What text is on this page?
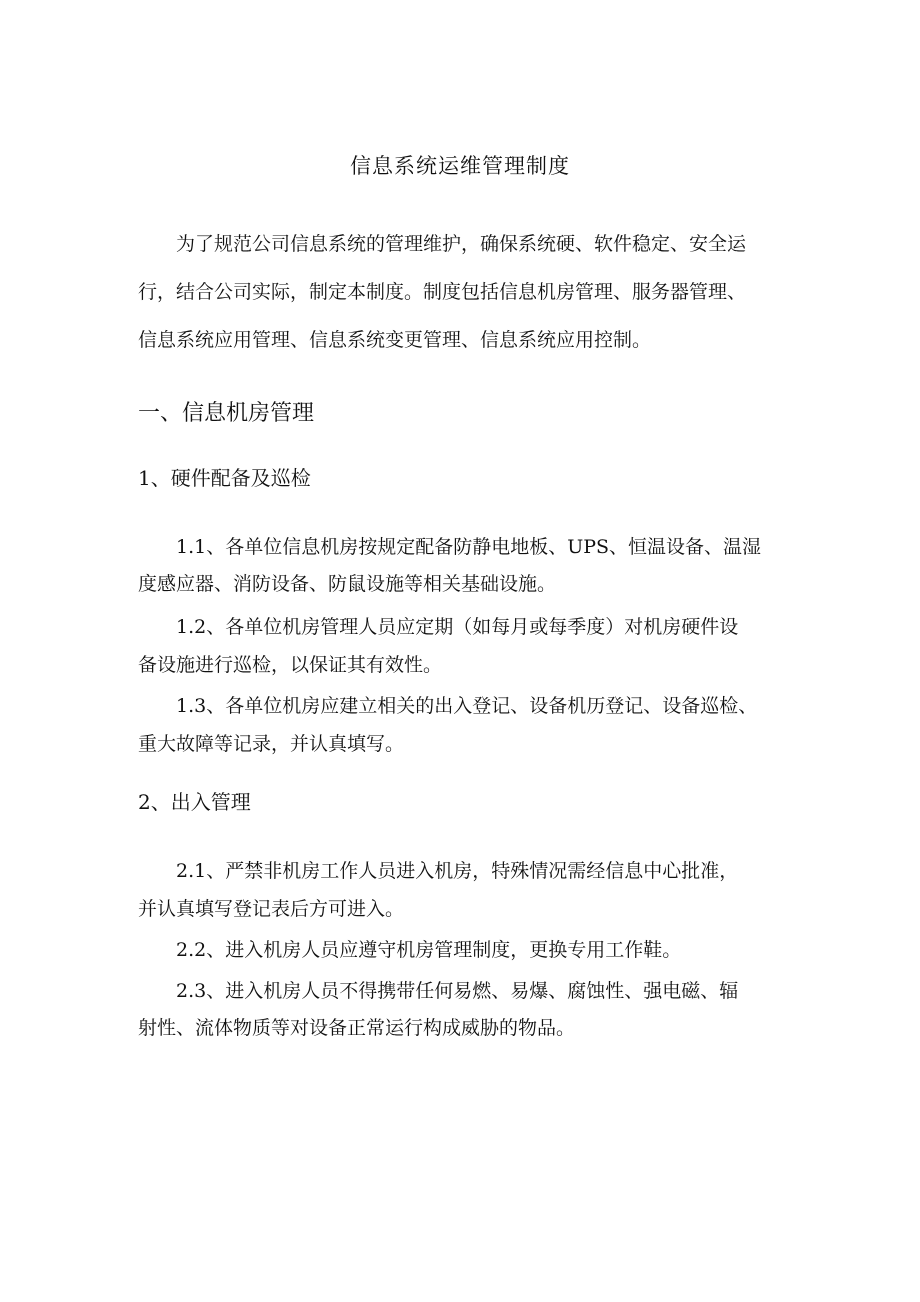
信息系统运维管理制度
为了规范公司信息系统的管理维护，确保系统硬、软件稳定、安全运
行，结合公司实际，制定本制度。制度包括信息机房管理、服务器管理、
信息系统应用管理、信息系统变更管理、信息系统应用控制。
一、信息机房管理
1、硬件配备及巡检
1.1、各单位信息机房按规定配备防静电地板、UPS、恒温设备、温湿
度感应器、消防设备、防鼠设施等相关基础设施。
1.2、各单位机房管理人员应定期（如每月或每季度）对机房硬件设
备设施进行巡检，以保证其有效性。
1.3、各单位机房应建立相关的出入登记、设备机历登记、设备巡检、
重大故障等记录，并认真填写。
2、出入管理
2.1、严禁非机房工作人员进入机房，特殊情况需经信息中心批准，
并认真填写登记表后方可进入。
2.2、进入机房人员应遵守机房管理制度，更换专用工作鞋。
2.3、进入机房人员不得携带任何易燃、易爆、腐蚀性、强电磁、辐
射性、流体物质等对设备正常运行构成威胁的物品。
